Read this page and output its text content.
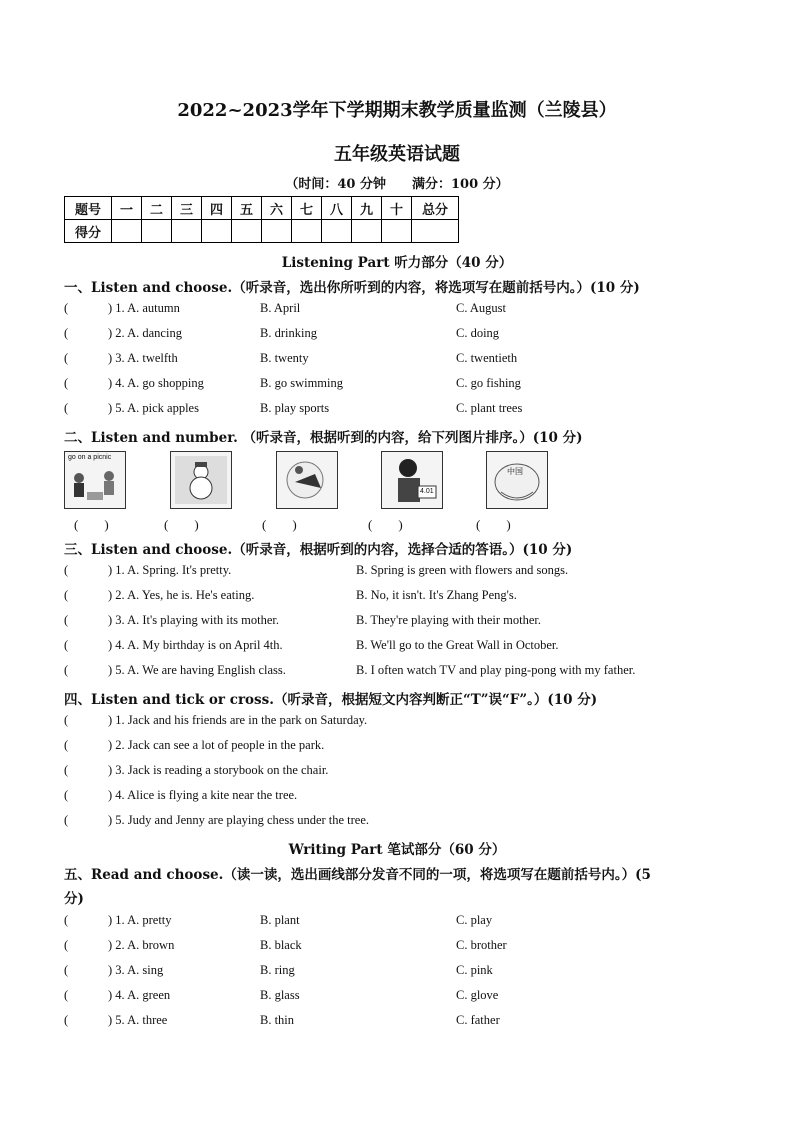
2022~2023学年下学期期末教学质量监测（兰陵县）
五年级英语试题
（时间：40 分钟　　满分：100 分）
题号	一	二	三	四	五	六	七	八	九	十	总分
得分											
Listening Part 听力部分（40 分）
一、Listen and choose.（听录音，选出你所听到的内容，将选项写在题前括号内。）(10 分)
(	) 1. A. autumn	B. April	C. August
(	) 2. A. dancing	B. drinking	C. doing
(	) 3. A. twelfth	B. twenty	C. twentieth
(	) 4. A. go shopping	B. go swimming	C. go fishing
(	) 5. A. pick apples	B. play sports	C. plant trees
二、Listen and number. （听录音，根据听到的内容，给下列图片排序。）(10 分)
go on a picnic
4.01
中国
(　　)	(　　)	(　　)	(　　)	(　　)
三、Listen and choose.（听录音，根据听到的内容，选择合适的答语。）(10 分)
(	) 1. A. Spring. It's pretty.	B. Spring is green with flowers and songs.
(	) 2. A. Yes, he is. He's eating.	B. No, it isn't. It's Zhang Peng's.
(	) 3. A. It's playing with its mother.	B. They're playing with their mother.
(	) 4. A. My birthday is on April 4th.	B. We'll go to the Great Wall in October.
(	) 5. A. We are having English class.	B. I often watch TV and play ping-pong with my father.
四、Listen and tick or cross.（听录音，根据短文内容判断正“T”误“F”。）(10 分)
(	) 1. Jack and his friends are in the park on Saturday.
(	) 2. Jack can see a lot of people in the park.
(	) 3. Jack is reading a storybook on the chair.
(	) 4. Alice is flying a kite near the tree.
(	) 5. Judy and Jenny are playing chess under the tree.
Writing Part 笔试部分（60 分）
五、Read and choose.（读一读，选出画线部分发音不同的一项，将选项写在题前括号内。）(5
分)
(	) 1. A. pretty	B. plant	C. play
(	) 2. A. brown	B. black	C. brother
(	) 3. A. sing	B. ring	C. pink
(	) 4. A. green	B. glass	C. glove
(	) 5. A. three	B. thin	C. father
